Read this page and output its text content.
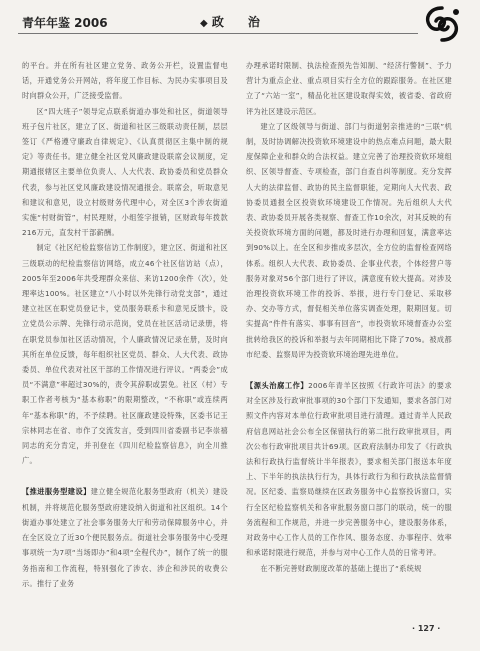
青年年鉴 2006	◆ 政 治

的平台。并在所有社区建立党务、政务公开栏，设置监督电话，开通党务公开网站，将年度工作目标、为民办实事项目及时向群众公开，广泛接受监督。

区“四大班子”领导定点联系街道办事处和社区，街道领导班子包片社区，建立了区、街道和社区三级联动责任制，层层签订《严格遵守廉政自律规定》、《认真贯彻区主集中制的规定》等责任书。建立健全社区党风廉政建设联席会议制度，定期通报辖区主要单位负责人、人大代表、政协委员和党员群众代表，参与社区党风廉政建设情况通报会。联席会，听取意见和建议和意见，设立村级财务代理中心，对全区3个涉农街道实施“村财街管”，村民理财，小组签字报销，区财政每年拨款216万元，直发村干部薪酬。

制定《社区纪检监察信访工作制度》，建立区、街道和社区三级联动的纪检监察信访网络，成立46个社区信访站（点），2005年至2006年共受理群众来信、来访1200余件（次），处理率达100%。社区建立“八小时以外先锋行动党支部”，通过建立社区在职党员登记卡，党员服务联系卡和意见反馈卡，设立党员公示牌、先锋行动示范岗，党员在社区活动记录册，将在职党员参加社区活动情况，个人廉政情况记录在册，及时向其所在单位反馈，每年组织社区党员、群众、人大代表、政协委员、单位代表对社区干部的工作情况进行评议。“两委会”成员“不满意”率超过30%的，责令其辞职或罢免。社区（村）专职工作者考核为“基本称职”的限期整改，“不称职”或连续两年“基本称职”的，不予续聘。社区廉政建设特殊，区委书记王宗林同志在省、市作了交流发言，受到四川省委副书记李崇禧同志的充分肯定，并刊登在《四川纪检监察信息》，向全川推广。

【推进服务型建设】建立健全规范化服务型政府（机关）建设机制，并将规范化服务型政府建设纳入街道和社区组织。14个街道办事处建立了社会事务服务大厅和劳动保障服务中心，并在全区设立了近30个便民服务点。街道社会事务服务中心受理事项统一为7项“当场即办”和4项“全程代办”，制作了统一的服务指南和工作流程，特别强化了涉农、涉企和涉民的收费公示。推行了业务

办理承诺时限制、执法检查预先告知制、“经济行警制”、予力营计为重点企业、重点项目实行全方位的跟踪服务。在社区建立了“六站一室”，精品化社区建设取得实效，被省委、省政府评为社区建设示范区。

建立了区级领导与街道、部门与街道躬亲推进的“三联”机制，及时协调解决投资软环境建设中的热点难点问题，最大限度保障企业和群众的合法权益。建立完善了治理投资软环境组织、区领导督查、专项检查，部门自查自纠等制度。充分发挥人大的法律监督、政协的民主监督职能，定期向人大代表、政协委员通报全区投资软环境建设工作情况。先后组织人大代表、政协委员开展各类视察、督查工作10余次，对其反映的有关投资软环境方面的问题，都及时进行办理和回复，满意率达到90%以上。在全区和步推成多层次，全方位的监督检查网络体系。组织人大代表、政协委员、企事业代表，个体经营户等服务对象对56个部门进行了评议，满意度有较大提高。对涉及治理投资软环境工作的投诉、举报，进行专门登记、采取移办、交办等方式，督促相关单位落实调查处理，限期回复。切实提高“件件有落实、事事有回音”，市投资软环境督查办公室批转给我区的投诉和举报与去年同期相比下降了70%。被成都市纪委、监察局评为投资软环境治理先进单位。

【源头治腐工作】2006年青羊区按照《行政许可法》的要求对全区涉及行政审批事项的30个部门下发通知，要求各部门对照文件内容对本单位行政审批项目进行清理。通过青羊人民政府信息网站社会公布全区保留执行的第二批行政审批项目，两次公布行政审批项目共计69项。区政府法制办印发了《行政执法和行政执行监督统计半年报表》，要求相关部门报送本年度上、下半年的执法执行行为，具体行政行为和行政执法监督情况。区纪委、监察局继续在区政务服务中心监察投诉窗口，实行全区纪检监察机关和各审批服务窗口部门的联动，统一的服务流程和工作规范，并进一步完善服务中心，建设服务体系，对政务中心工作人员的工作作风、服务态度、办事程序、效率和承诺时限进行规范，并参与对中心工作人员的日常考评。

在不断完善财政制度改革的基础上提出了“系统规

· 127 ·
